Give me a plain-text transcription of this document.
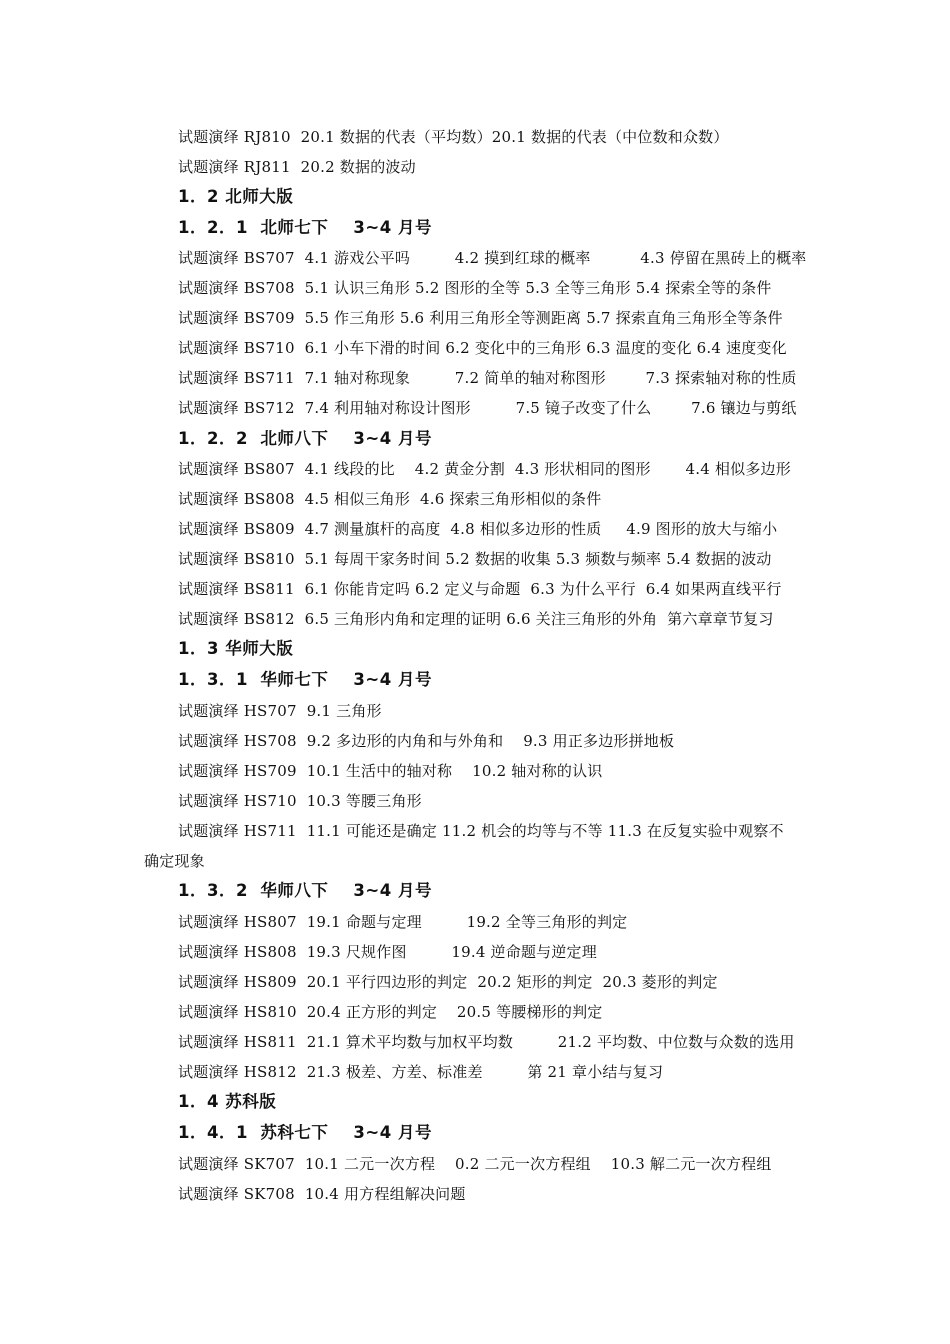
试题演绎 RJ810  20.1 数据的代表（平均数）20.1 数据的代表（中位数和众数）
试题演绎 RJ811  20.2 数据的波动
1．2 北师大版
1．2．1  北师七下    3~4 月号
试题演绎 BS707  4.1 游戏公平吗         4.2 摸到红球的概率          4.3 停留在黑砖上的概率
试题演绎 BS708  5.1 认识三角形 5.2 图形的全等 5.3 全等三角形 5.4 探索全等的条件
试题演绎 BS709  5.5 作三角形 5.6 利用三角形全等测距离 5.7 探索直角三角形全等条件
试题演绎 BS710  6.1 小车下滑的时间 6.2 变化中的三角形 6.3 温度的变化 6.4 速度变化
试题演绎 BS711  7.1 轴对称现象         7.2 简单的轴对称图形        7.3 探索轴对称的性质
试题演绎 BS712  7.4 利用轴对称设计图形         7.5 镜子改变了什么        7.6 镶边与剪纸
1．2．2  北师八下    3~4 月号
试题演绎 BS807  4.1 线段的比    4.2 黄金分割  4.3 形状相同的图形       4.4 相似多边形
试题演绎 BS808  4.5 相似三角形  4.6 探索三角形相似的条件
试题演绎 BS809  4.7 测量旗杆的高度  4.8 相似多边形的性质     4.9 图形的放大与缩小
试题演绎 BS810  5.1 每周干家务时间 5.2 数据的收集 5.3 频数与频率 5.4 数据的波动
试题演绎 BS811  6.1 你能肯定吗 6.2 定义与命题  6.3 为什么平行  6.4 如果两直线平行
试题演绎 BS812  6.5 三角形内角和定理的证明 6.6 关注三角形的外角  第六章章节复习
1．3 华师大版
1．3．1  华师七下    3~4 月号
试题演绎 HS707  9.1 三角形
试题演绎 HS708  9.2 多边形的内角和与外角和    9.3 用正多边形拼地板
试题演绎 HS709  10.1 生活中的轴对称    10.2 轴对称的认识
试题演绎 HS710  10.3 等腰三角形
试题演绎 HS711  11.1 可能还是确定 11.2 机会的均等与不等 11.3 在反复实验中观察不
确定现象
1．3．2  华师八下    3~4 月号
试题演绎 HS807  19.1 命题与定理         19.2 全等三角形的判定
试题演绎 HS808  19.3 尺规作图         19.4 逆命题与逆定理
试题演绎 HS809  20.1 平行四边形的判定  20.2 矩形的判定  20.3 菱形的判定
试题演绎 HS810  20.4 正方形的判定    20.5 等腰梯形的判定
试题演绎 HS811  21.1 算术平均数与加权平均数         21.2 平均数、中位数与众数的选用
试题演绎 HS812  21.3 极差、方差、标准差         第 21 章小结与复习
1．4 苏科版
1．4．1  苏科七下    3~4 月号
试题演绎 SK707  10.1 二元一次方程    0.2 二元一次方程组    10.3 解二元一次方程组
试题演绎 SK708  10.4 用方程组解决问题
